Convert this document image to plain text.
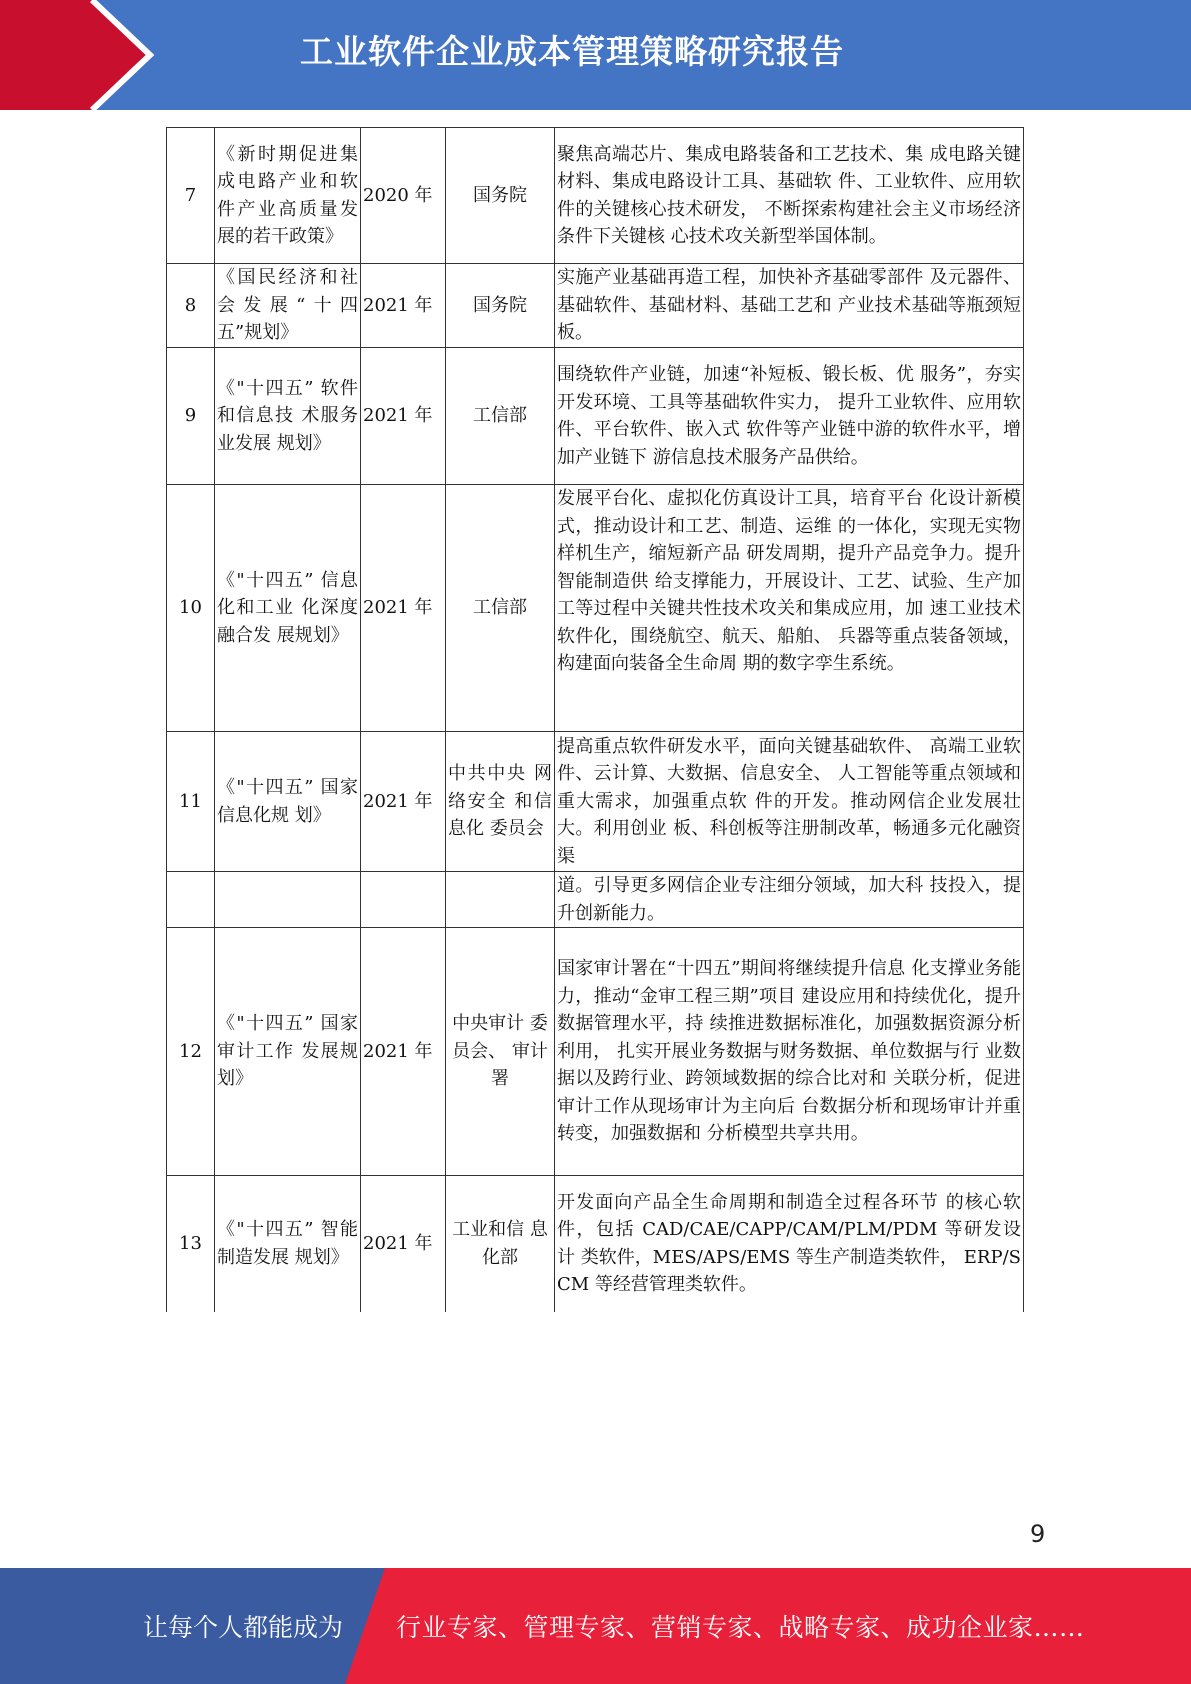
工业软件企业成本管理策略研究报告
7	《新时期促进集成电路产业和软件产业高质量发展的若干政策》	2020 年	国务院	聚焦高端芯片、集成电路装备和工艺技术、集 成电路关键材料、集成电路设计工具、基础软 件、工业软件、应用软件的关键核心技术研发， 不断探索构建社会主义市场经济条件下关键核 心技术攻关新型举国体制。
8	《国民经济和社会发展“十四五”规划》	2021 年	国务院	实施产业基础再造工程，加快补齐基础零部件 及元器件、基础软件、基础材料、基础工艺和 产业技术基础等瓶颈短板。
9	《"十四五” 软件和信息技 术服务业发展 规划》	2021 年	工信部	围绕软件产业链，加速“补短板、锻长板、优 服务”，夯实开发环境、工具等基础软件实力， 提升工业软件、应用软件、平台软件、嵌入式 软件等产业链中游的软件水平，增加产业链下 游信息技术服务产品供给。
10	《"十四五” 信息化和工业 化深度融合发 展规划》	2021 年	工信部	发展平台化、虚拟化仿真设计工具，培育平台 化设计新模式，推动设计和工艺、制造、运维 的一体化，实现无实物样机生产，缩短新产品 研发周期，提升产品竞争力。提升智能制造供 给支撑能力，开展设计、工艺、试验、生产加 工等过程中关键共性技术攻关和集成应用，加 速工业技术软件化，围绕航空、航天、船舶、 兵器等重点装备领域，构建面向装备全生命周 期的数字孪生系统。
11	《"十四五” 国家信息化规 划》	2021 年	中共中央 网络安全 和信息化 委员会	提高重点软件研发水平，面向关键基础软件、 高端工业软件、云计算、大数据、信息安全、 人工智能等重点领域和重大需求，加强重点软 件的开发。推动网信企业发展壮大。利用创业 板、科创板等注册制改革，畅通多元化融资渠
				道。引导更多网信企业专注细分领域，加大科 技投入，提升创新能力。
12	《"十四五” 国家审计工作 发展规划》	2021 年	中央审计 委员会、 审计署	国家审计署在“十四五”期间将继续提升信息 化支撑业务能力，推动“金审工程三期”项目 建设应用和持续优化，提升数据管理水平，持 续推进数据标准化，加强数据资源分析利用， 扎实开展业务数据与财务数据、单位数据与行 业数据以及跨行业、跨领域数据的综合比对和 关联分析，促进审计工作从现场审计为主向后 台数据分析和现场审计并重转变，加强数据和 分析模型共享共用。
13	《"十四五” 智能制造发展 规划》	2021 年	工业和信 息化部	开发面向产品全生命周期和制造全过程各环节 的核心软件，包括 CAD/CAE/CAPP/CAM/PLM/PDM 等研发设计 类软件，MES/APS/EMS 等生产制造类软件， ERP/SCM 等经营管理类软件。
9
让每个人都能成为 行业专家、管理专家、营销专家、战略专家、成功企业家……
